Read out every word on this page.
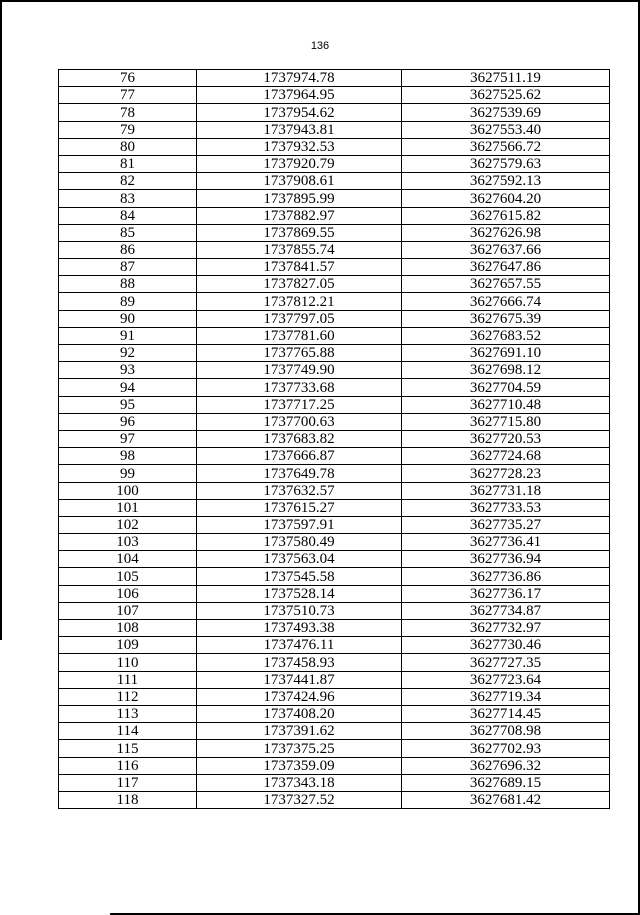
136
76	1737974.78	3627511.19
77	1737964.95	3627525.62
78	1737954.62	3627539.69
79	1737943.81	3627553.40
80	1737932.53	3627566.72
81	1737920.79	3627579.63
82	1737908.61	3627592.13
83	1737895.99	3627604.20
84	1737882.97	3627615.82
85	1737869.55	3627626.98
86	1737855.74	3627637.66
87	1737841.57	3627647.86
88	1737827.05	3627657.55
89	1737812.21	3627666.74
90	1737797.05	3627675.39
91	1737781.60	3627683.52
92	1737765.88	3627691.10
93	1737749.90	3627698.12
94	1737733.68	3627704.59
95	1737717.25	3627710.48
96	1737700.63	3627715.80
97	1737683.82	3627720.53
98	1737666.87	3627724.68
99	1737649.78	3627728.23
100	1737632.57	3627731.18
101	1737615.27	3627733.53
102	1737597.91	3627735.27
103	1737580.49	3627736.41
104	1737563.04	3627736.94
105	1737545.58	3627736.86
106	1737528.14	3627736.17
107	1737510.73	3627734.87
108	1737493.38	3627732.97
109	1737476.11	3627730.46
110	1737458.93	3627727.35
111	1737441.87	3627723.64
112	1737424.96	3627719.34
113	1737408.20	3627714.45
114	1737391.62	3627708.98
115	1737375.25	3627702.93
116	1737359.09	3627696.32
117	1737343.18	3627689.15
118	1737327.52	3627681.42
